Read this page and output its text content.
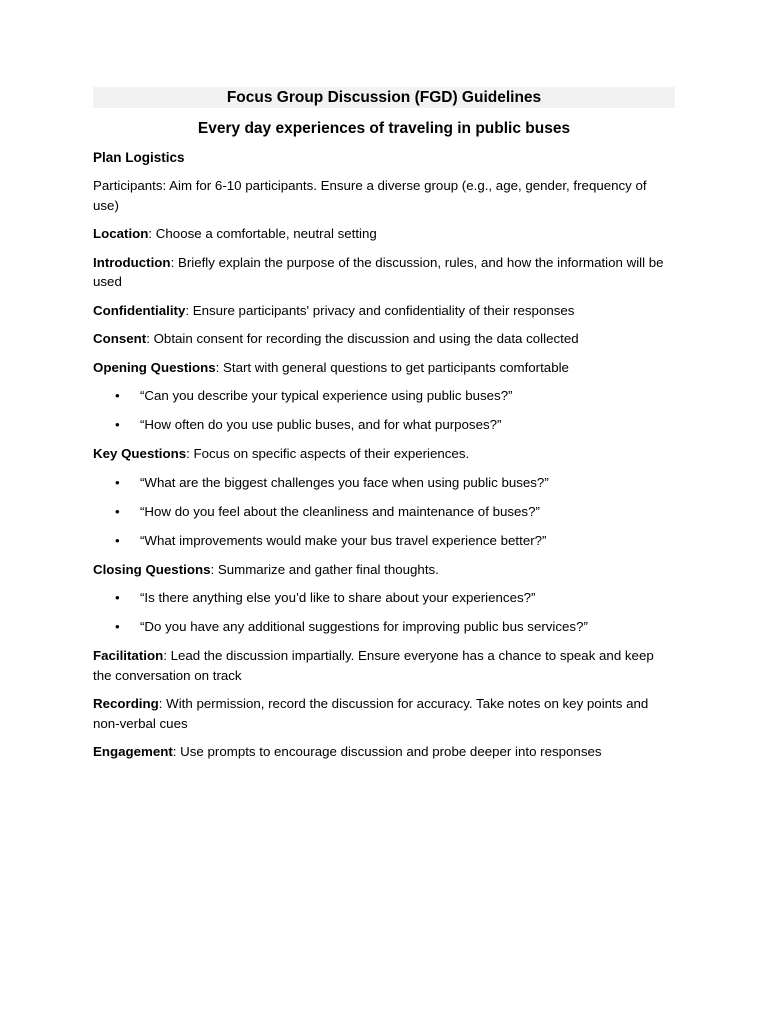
Focus Group Discussion (FGD) Guidelines
Every day experiences of traveling in public buses
Plan Logistics

Participants: Aim for 6-10 participants. Ensure a diverse group (e.g., age, gender, frequency of use)

Location: Choose a comfortable, neutral setting

Introduction: Briefly explain the purpose of the discussion, rules, and how the information will be used

Confidentiality: Ensure participants' privacy and confidentiality of their responses

Consent: Obtain consent for recording the discussion and using the data collected

Opening Questions: Start with general questions to get participants comfortable

• “Can you describe your typical experience using public buses?”
• “How often do you use public buses, and for what purposes?”

Key Questions: Focus on specific aspects of their experiences.

• “What are the biggest challenges you face when using public buses?”
• “How do you feel about the cleanliness and maintenance of buses?”
• “What improvements would make your bus travel experience better?”

Closing Questions: Summarize and gather final thoughts.

• “Is there anything else you’d like to share about your experiences?”
• “Do you have any additional suggestions for improving public bus services?”

Facilitation: Lead the discussion impartially. Ensure everyone has a chance to speak and keep the conversation on track

Recording: With permission, record the discussion for accuracy. Take notes on key points and non-verbal cues

Engagement: Use prompts to encourage discussion and probe deeper into responses
